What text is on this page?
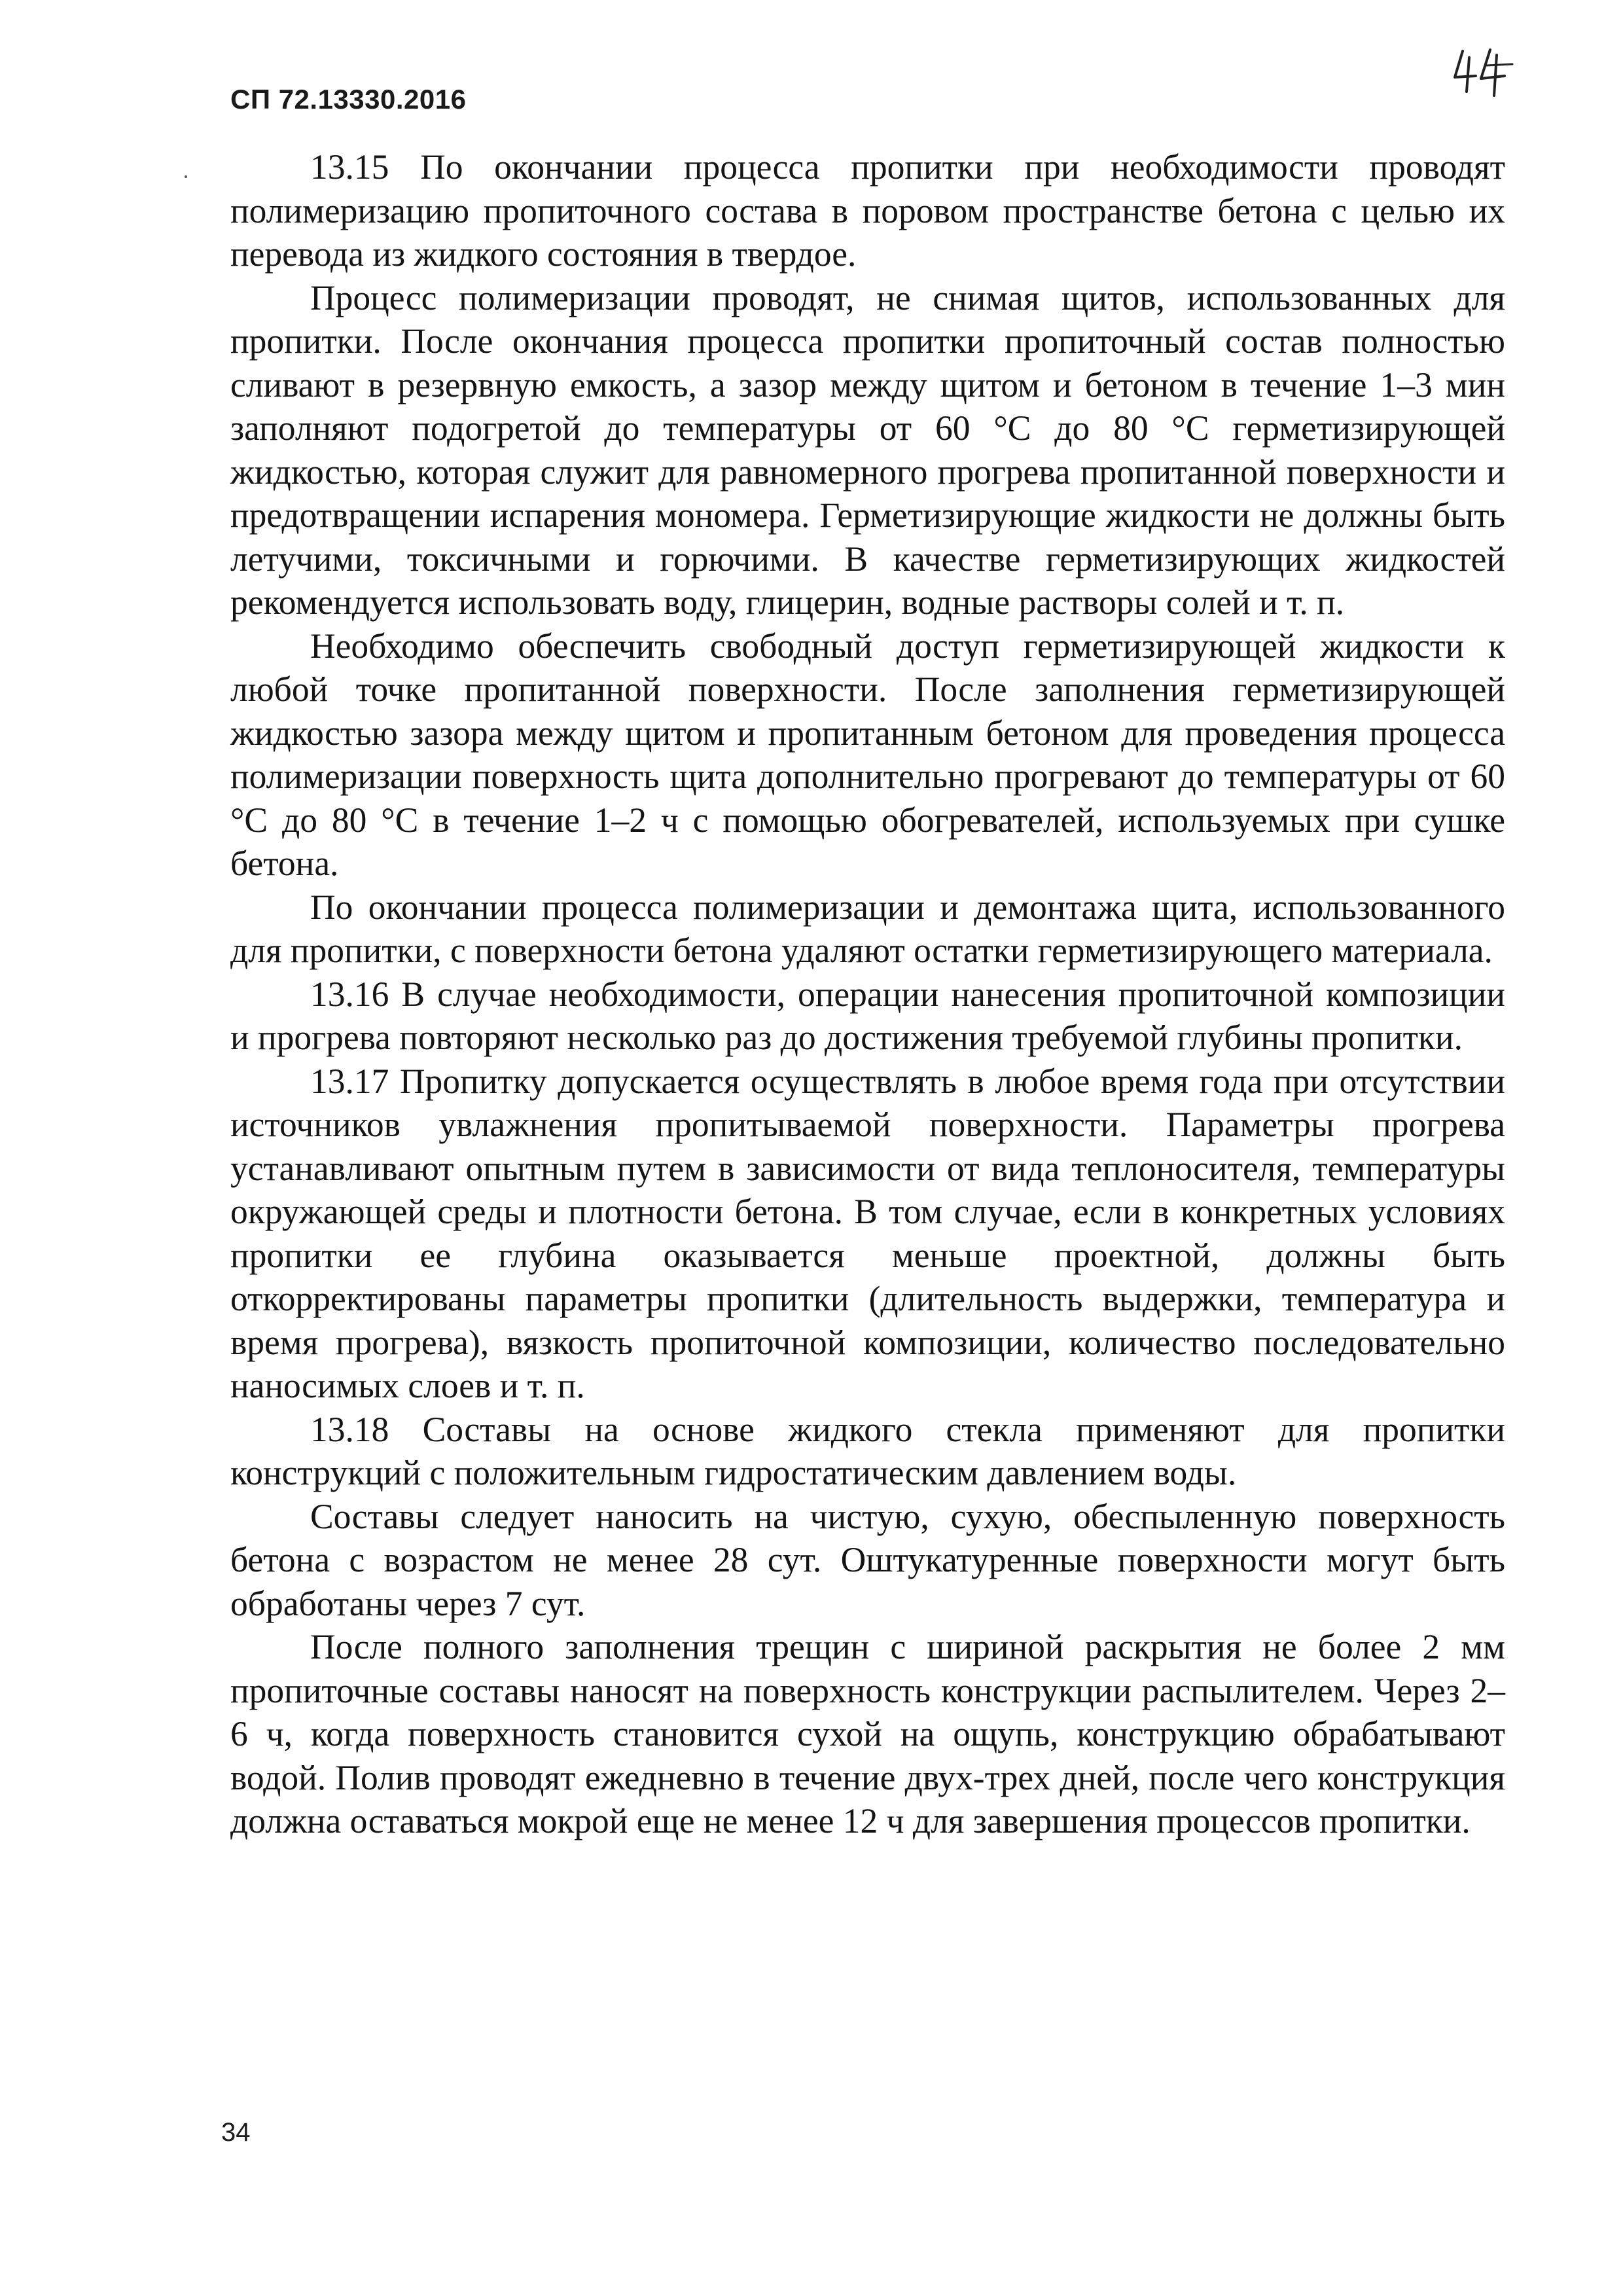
СП 72.13330.2016

13.15 По окончании процесса пропитки при необходимости проводят полимеризацию пропиточного состава в поровом пространстве бетона с целью их перевода из жидкого состояния в твердое.

Процесс полимеризации проводят, не снимая щитов, использованных для пропитки. После окончания процесса пропитки пропиточный состав полностью сливают в резервную емкость, а зазор между щитом и бетоном в течение 1–3 мин заполняют подогретой до температуры от 60 °С до 80 °С герметизирующей жидкостью, которая служит для равномерного прогрева пропитанной поверхности и предотвращении испарения мономера. Герметизирующие жидкости не должны быть летучими, токсичными и горючими. В качестве герметизирующих жидкостей рекомендуется использовать воду, глицерин, водные растворы солей и т. п.

Необходимо обеспечить свободный доступ герметизирующей жидкости к любой точке пропитанной поверхности. После заполнения герметизирующей жидкостью зазора между щитом и пропитанным бетоном для проведения процесса полимеризации поверхность щита дополнительно прогревают до температуры от 60 °С до 80 °С в течение 1–2 ч с помощью обогревателей, используемых при сушке бетона.

По окончании процесса полимеризации и демонтажа щита, использованного для пропитки, с поверхности бетона удаляют остатки герметизирующего материала.

13.16 В случае необходимости, операции нанесения пропиточной композиции и прогрева повторяют несколько раз до достижения требуемой глубины пропитки.

13.17 Пропитку допускается осуществлять в любое время года при отсутствии источников увлажнения пропитываемой поверхности. Параметры прогрева устанавливают опытным путем в зависимости от вида теплоносителя, температуры окружающей среды и плотности бетона. В том случае, если в конкретных условиях пропитки ее глубина оказывается меньше проектной, должны быть откорректированы параметры пропитки (длительность выдержки, температура и время прогрева), вязкость пропиточной композиции, количество последовательно наносимых слоев и т. п.

13.18 Составы на основе жидкого стекла применяют для пропитки конструкций с положительным гидростатическим давлением воды.

Составы следует наносить на чистую, сухую, обеспыленную поверхность бетона с возрастом не менее 28 сут. Оштукатуренные поверхности могут быть обработаны через 7 сут.

После полного заполнения трещин с шириной раскрытия не более 2 мм пропиточные составы наносят на поверхность конструкции распылителем. Через 2–6 ч, когда поверхность становится сухой на ощупь, конструкцию обрабатывают водой. Полив проводят ежедневно в течение двух-трех дней, после чего конструкция должна оставаться мокрой еще не менее 12 ч для завершения процессов пропитки.

34
